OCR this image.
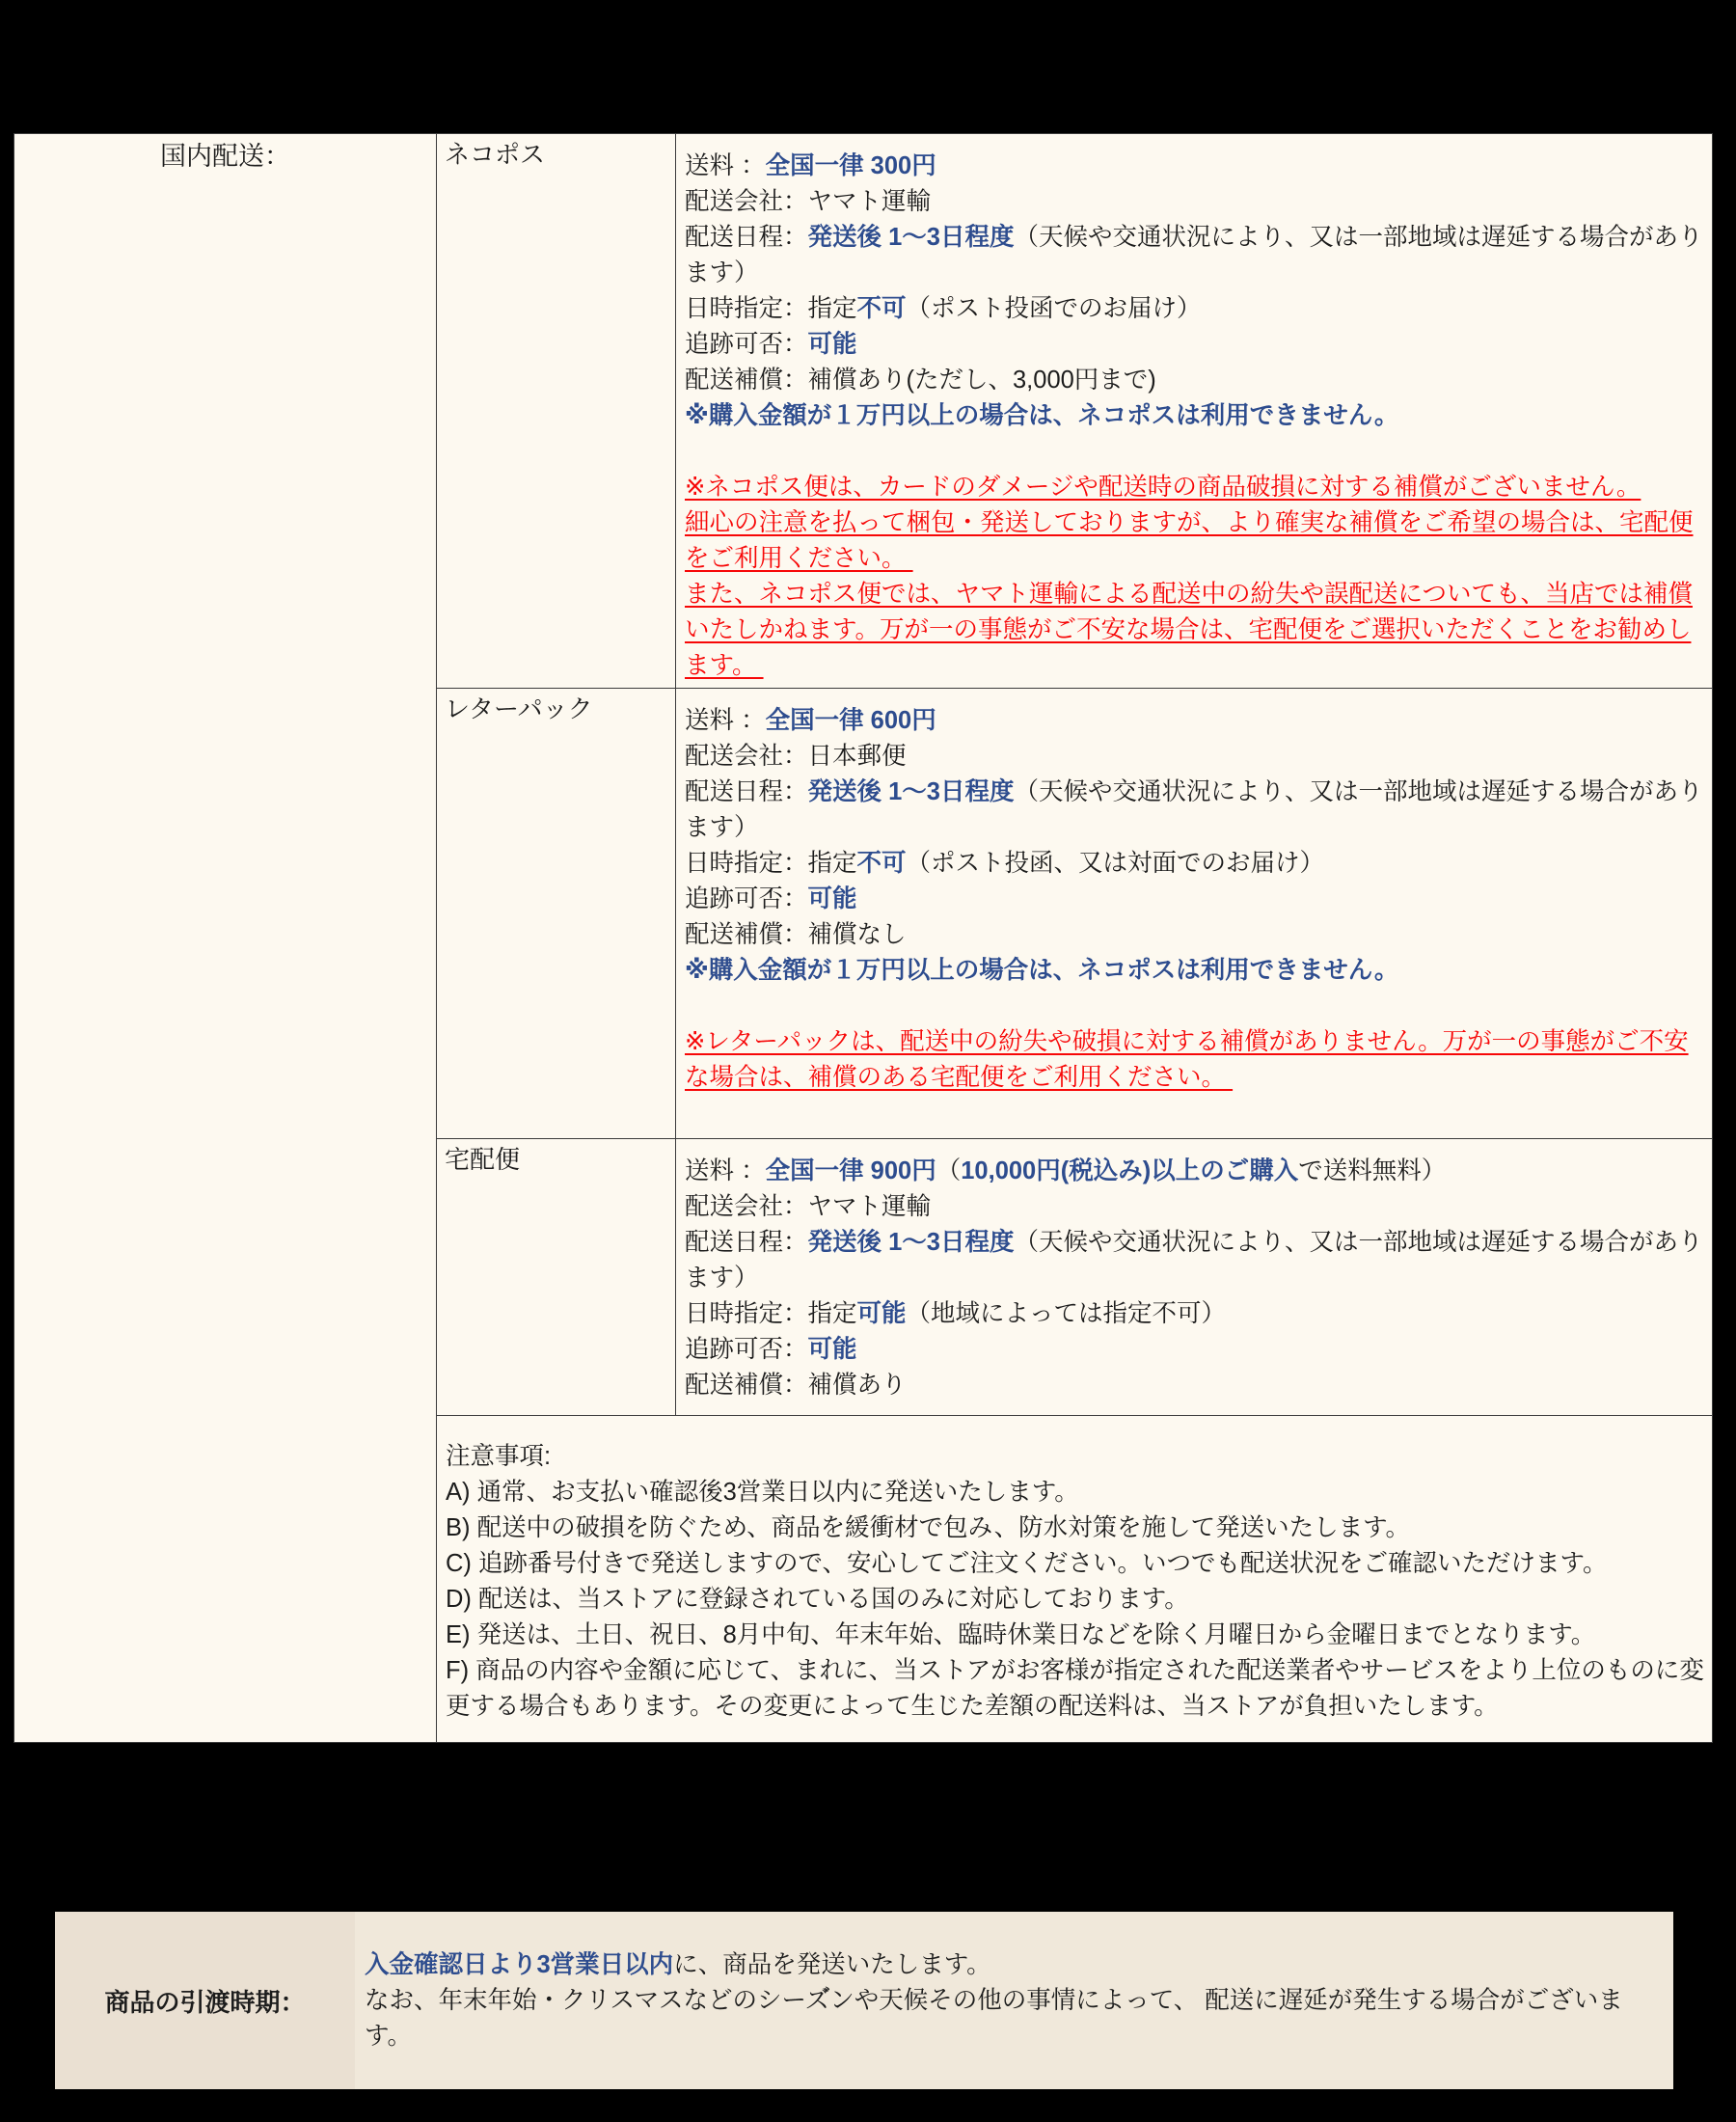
国内配送：	ネコポス	送料 ：全国一律 300円
配送会社：ヤマト運輸
配送日程：発送後 1～3日程度（天候や交通状況により、又は一部地域は遅延する場合があり
ます）
日時指定：指定不可（ポスト投函でのお届け）
追跡可否：可能
配送補償：補償あり(ただし、3,000円まで)
※購入金額が１万円以上の場合は、ネコポスは利用できません。

※ネコポス便は、カードのダメージや配送時の商品破損に対する補償がございません。
細心の注意を払って梱包・発送しておりますが、より確実な補償をご希望の場合は、宅配便
をご利用ください。
また、ネコポス便では、ヤマト運輸による配送中の紛失や誤配送についても、当店では補償
いたしかねます。万が一の事態がご不安な場合は、宅配便をご選択いただくことをお勧めし
ます。

レターパック	送料 ：全国一律 600円
配送会社：日本郵便
配送日程：発送後 1～3日程度（天候や交通状況により、又は一部地域は遅延する場合があり
ます）
日時指定：指定不可（ポスト投函、又は対面でのお届け）
追跡可否：可能
配送補償：補償なし
※購入金額が１万円以上の場合は、ネコポスは利用できません。

※レターパックは、配送中の紛失や破損に対する補償がありません。万が一の事態がご不安
な場合は、補償のある宅配便をご利用ください。

宅配便	送料 ：全国一律 900円（10,000円(税込み)以上のご購入で送料無料）
配送会社：ヤマト運輸
配送日程：発送後 1～3日程度（天候や交通状況により、又は一部地域は遅延する場合があり
ます）
日時指定：指定可能（地域によっては指定不可）
追跡可否：可能
配送補償：補償あり

注意事項:
A) 通常、お支払い確認後3営業日以内に発送いたします。
B) 配送中の破損を防ぐため、商品を緩衝材で包み、防水対策を施して発送いたします。
C) 追跡番号付きで発送しますので、安心してご注文ください。いつでも配送状況をご確認いただけます。
D) 配送は、当ストアに登録されている国のみに対応しております。
E) 発送は、土日、祝日、8月中旬、年末年始、臨時休業日などを除く月曜日から金曜日までとなります。
F) 商品の内容や金額に応じて、まれに、当ストアがお客様が指定された配送業者やサービスをより上位のものに変
更する場合もあります。その変更によって生じた差額の配送料は、当ストアが負担いたします。
商品の引渡時期：
入金確認日より3営業日以内に、商品を発送いたします。
なお、年末年始・クリスマスなどのシーズ゙ンや天候その他の事情によって、 配送に遅延が発生する場合がございま
す。
